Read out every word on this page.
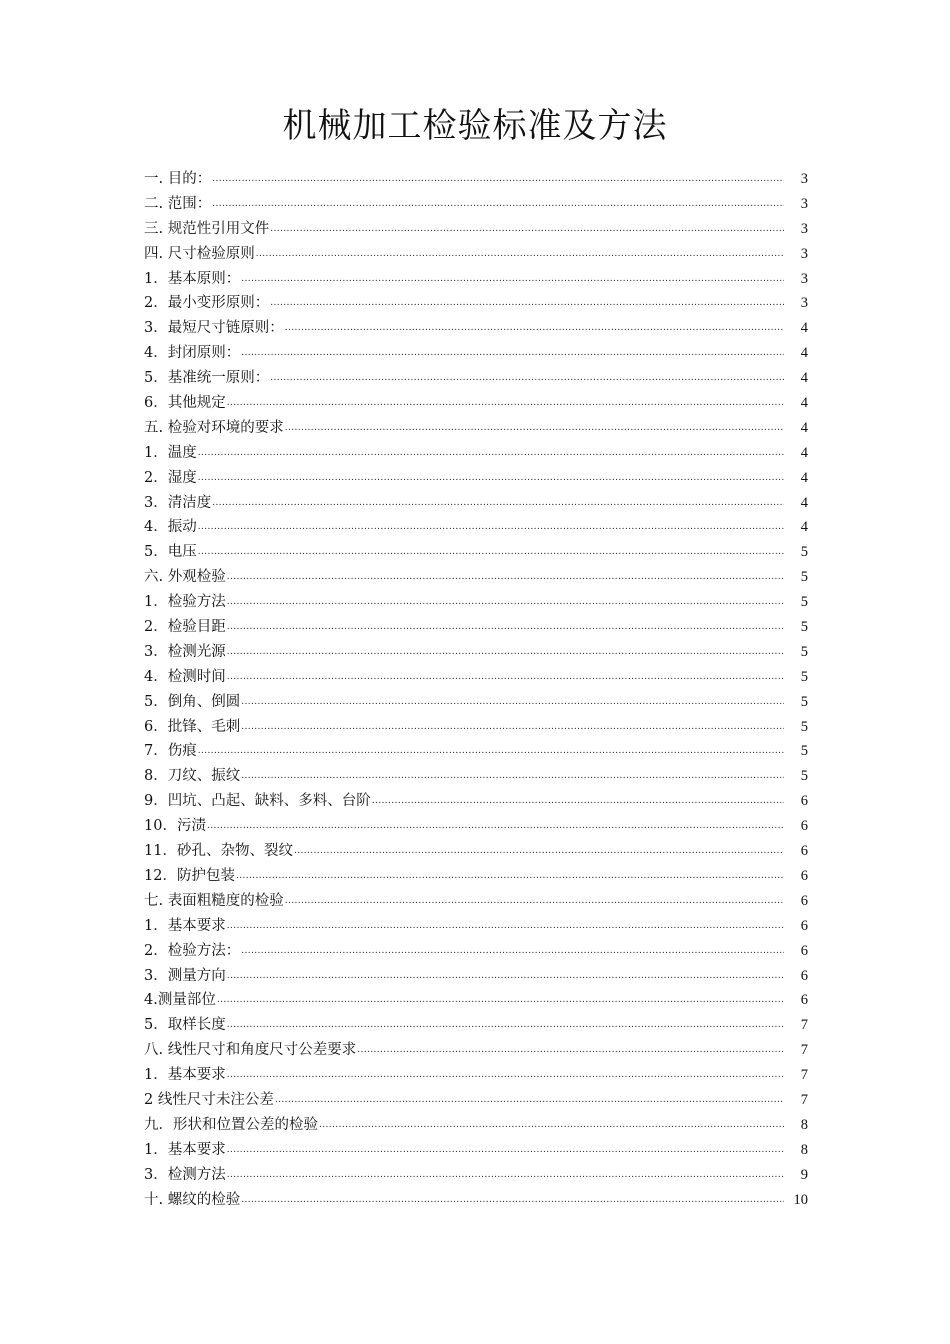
机械加工检验标准及方法
一. 目的： .....	3
二. 范围： .....	3
三. 规范性引用文件 .....	3
四. 尺寸检验原则 .....	3
1．基本原则： .....	3
2．最小变形原则： .....	3
3．最短尺寸链原则： .....	4
4．封闭原则： .....	4
5．基准统一原则： .....	4
6．其他规定 .....	4
五. 检验对环境的要求 .....	4
1．温度 .....	4
2．湿度 .....	4
3．清洁度 .....	4
4．振动 .....	4
5．电压 .....	5
六. 外观检验 .....	5
1．检验方法 .....	5
2．检验目距 .....	5
3．检测光源 .....	5
4．检测时间 .....	5
5．倒角、倒圆 .....	5
6．批锋、毛刺 .....	5
7．伤痕 .....	5
8．刀纹、振纹 .....	5
9．凹坑、凸起、缺料、多料、台阶 .....	6
10．污渍 .....	6
11．砂孔、杂物、裂纹 .....	6
12．防护包装 .....	6
七. 表面粗糙度的检验 .....	6
1．基本要求 .....	6
2．检验方法： .....	6
3．测量方向 .....	6
4.测量部位 .....	6
5．取样长度 .....	7
八. 线性尺寸和角度尺寸公差要求 .....	7
1．基本要求 .....	7
2 线性尺寸未注公差 .....	7
九．形状和位置公差的检验 .....	8
1．基本要求 .....	8
3．检测方法 .....	9
十. 螺纹的检验 .....	10
